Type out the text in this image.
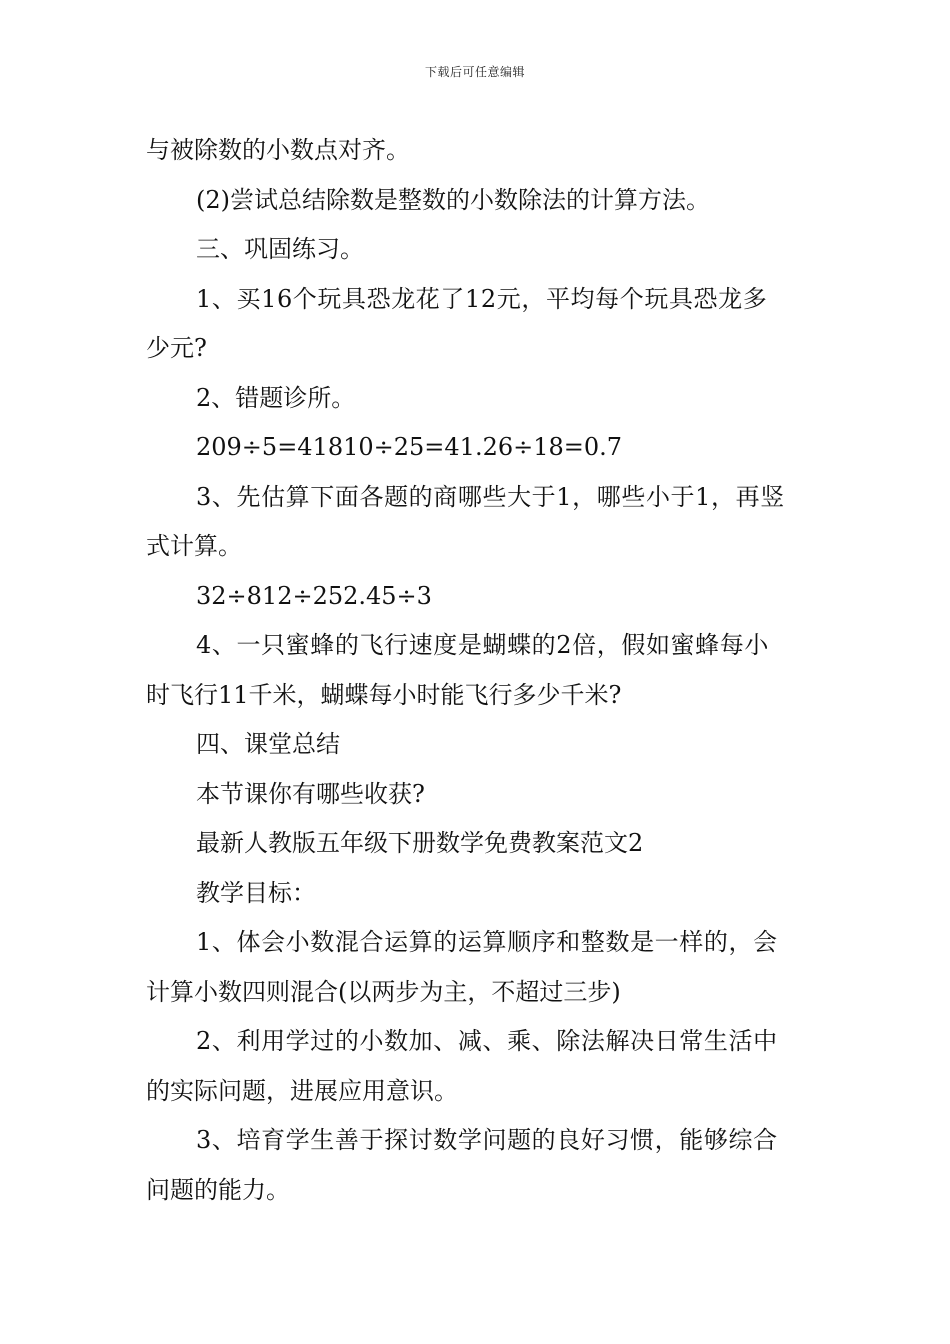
下载后可任意编辑

与被除数的小数点对齐。

(2)尝试总结除数是整数的小数除法的计算方法。

三、巩固练习。

1、买16个玩具恐龙花了12元，平均每个玩具恐龙多

少元?

2、错题诊所。

209÷5=41810÷25=41.26÷18=0.7

3、先估算下面各题的商哪些大于1，哪些小于1，再竖

式计算。

32÷812÷252.45÷3

4、一只蜜蜂的飞行速度是蝴蝶的2倍，假如蜜蜂每小

时飞行11千米，蝴蝶每小时能飞行多少千米?

四、课堂总结

本节课你有哪些收获?

最新人教版五年级下册数学免费教案范文2

教学目标：

1、体会小数混合运算的运算顺序和整数是一样的，会

计算小数四则混合(以两步为主，不超过三步)

2、利用学过的小数加、减、乘、除法解决日常生活中

的实际问题，进展应用意识。

3、培育学生善于探讨数学问题的良好习惯，能够综合

问题的能力。
